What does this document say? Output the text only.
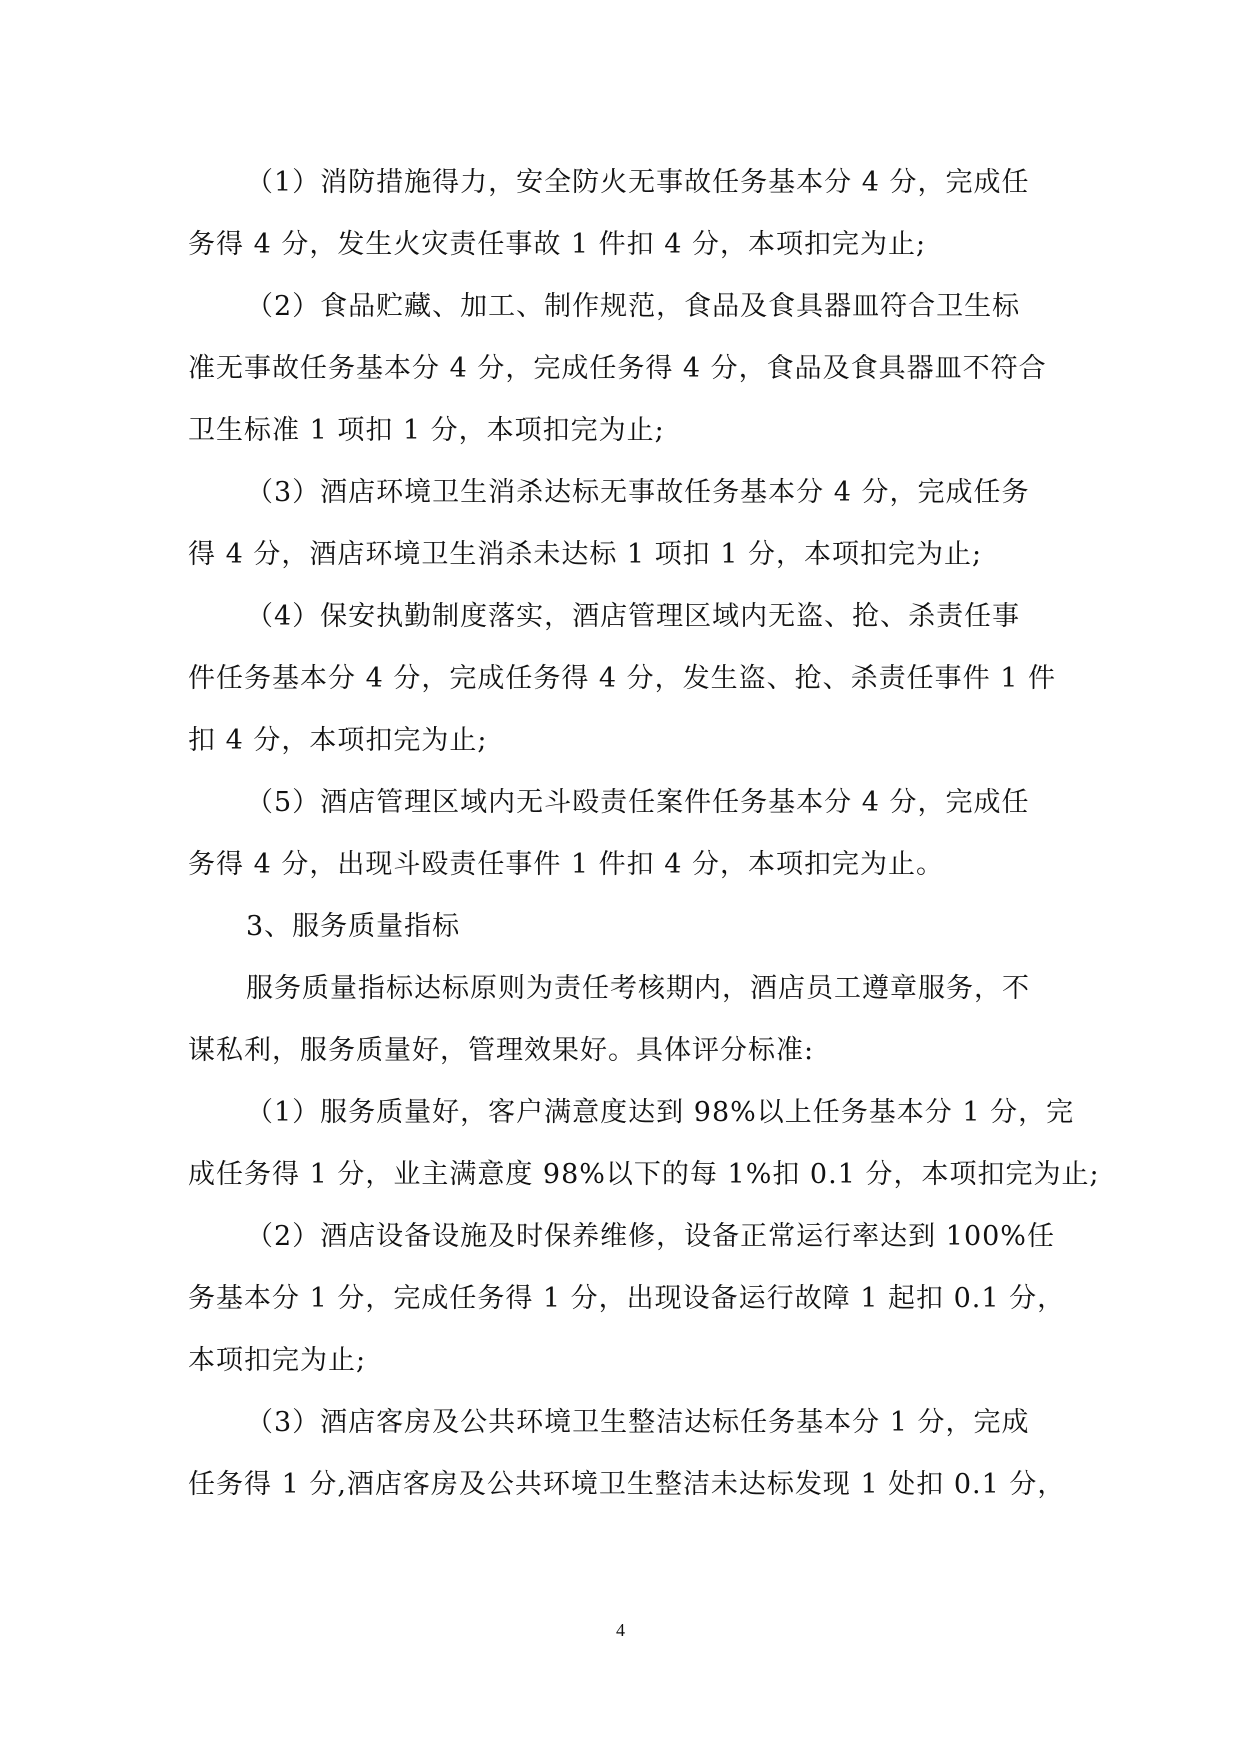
（1）消防措施得力，安全防火无事故任务基本分 4 分，完成任
务得 4 分，发生火灾责任事故 1 件扣 4 分，本项扣完为止;
（2）食品贮藏、加工、制作规范，食品及食具器皿符合卫生标
准无事故任务基本分 4 分，完成任务得 4 分，食品及食具器皿不符合
卫生标准 1 项扣 1 分，本项扣完为止;
（3）酒店环境卫生消杀达标无事故任务基本分 4 分，完成任务
得 4 分，酒店环境卫生消杀未达标 1 项扣 1 分，本项扣完为止;
（4）保安执勤制度落实，酒店管理区域内无盗、抢、杀责任事
件任务基本分 4 分，完成任务得 4 分，发生盗、抢、杀责任事件 1 件
扣 4 分，本项扣完为止;
（5）酒店管理区域内无斗殴责任案件任务基本分 4 分，完成任
务得 4 分，出现斗殴责任事件 1 件扣 4 分，本项扣完为止。
3、服务质量指标
服务质量指标达标原则为责任考核期内，酒店员工遵章服务，不
谋私利，服务质量好，管理效果好。具体评分标准:
（1）服务质量好，客户满意度达到 98%以上任务基本分 1 分，完
成任务得 1 分，业主满意度 98%以下的每 1%扣 0.1 分，本项扣完为止;
（2）酒店设备设施及时保养维修，设备正常运行率达到 100%任
务基本分 1 分，完成任务得 1 分，出现设备运行故障 1 起扣 0.1 分，
本项扣完为止;
（3）酒店客房及公共环境卫生整洁达标任务基本分 1 分，完成
任务得 1 分,酒店客房及公共环境卫生整洁未达标发现 1 处扣 0.1 分，
4
